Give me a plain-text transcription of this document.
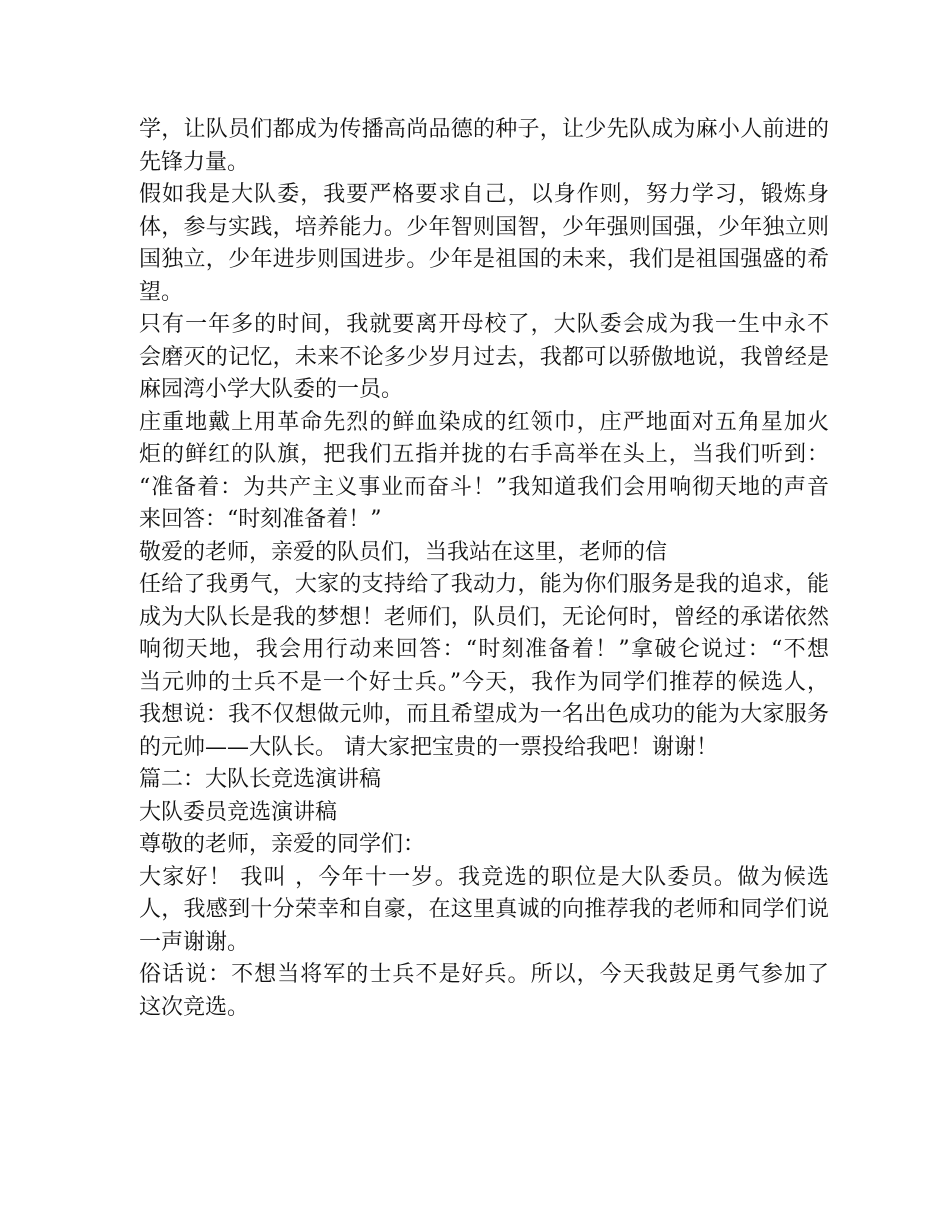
学，让队员们都成为传播高尚品德的种子，让少先队成为麻小人前进的
先锋力量。
假如我是大队委，我要严格要求自己，以身作则，努力学习，锻炼身
体，参与实践，培养能力。少年智则国智，少年强则国强，少年独立则
国独立，少年进步则国进步。少年是祖国的未来，我们是祖国强盛的希
望。
只有一年多的时间，我就要离开母校了，大队委会成为我一生中永不
会磨灭的记忆，未来不论多少岁月过去，我都可以骄傲地说，我曾经是
麻园湾小学大队委的一员。
庄重地戴上用革命先烈的鲜血染成的红领巾，庄严地面对五角星加火
炬的鲜红的队旗，把我们五指并拢的右手高举在头上，当我们听到：
“准备着：为共产主义事业而奋斗！”我知道我们会用响彻天地的声音
来回答：“时刻准备着！”
敬爱的老师，亲爱的队员们，当我站在这里，老师的信
任给了我勇气，大家的支持给了我动力，能为你们服务是我的追求，能
成为大队长是我的梦想！老师们，队员们，无论何时，曾经的承诺依然
响彻天地，我会用行动来回答：“时刻准备着！”拿破仑说过：“不想
当元帅的士兵不是一个好士兵。”今天，我作为同学们推荐的候选人，
我想说：我不仅想做元帅，而且希望成为一名出色成功的能为大家服务
的元帅——大队长。 请大家把宝贵的一票投给我吧！谢谢！
篇二：大队长竞选演讲稿
大队委员竞选演讲稿
尊敬的老师，亲爱的同学们：
大家好！ 我叫 ，今年十一岁。我竞选的职位是大队委员。做为候选
人，我感到十分荣幸和自豪，在这里真诚的向推荐我的老师和同学们说
一声谢谢。
俗话说：不想当将军的士兵不是好兵。所以，今天我鼓足勇气参加了
这次竞选。
